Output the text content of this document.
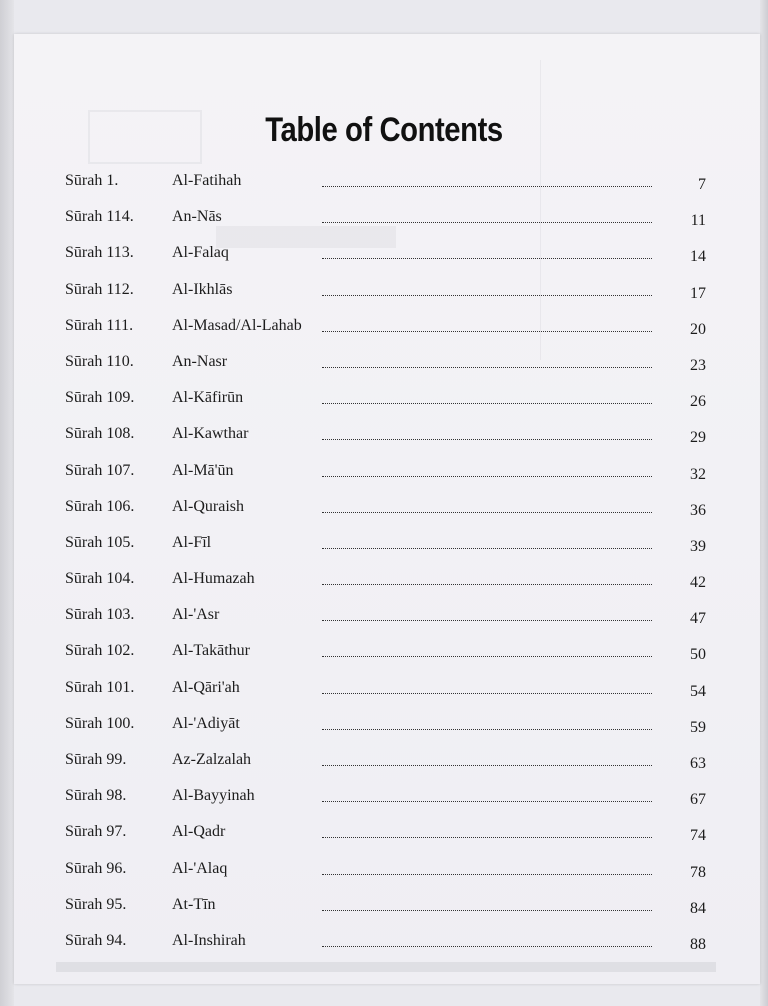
Table of Contents
Sūrah 1.	Al-Fatihah	7
Sūrah 114. An-Nās	11
Sūrah 113. Al-Falaq	14
Sūrah 112. Al-Ikhlās	17
Sūrah 111. Al-Masad/Al-Lahab	20
Sūrah 110. An-Nasr	23
Sūrah 109. Al-Kāfirūn	26
Sūrah 108. Al-Kawthar	29
Sūrah 107. Al-Mā'ūn	32
Sūrah 106. Al-Quraish	36
Sūrah 105. Al-Fīl	39
Sūrah 104. Al-Humazah	42
Sūrah 103. Al-'Asr	47
Sūrah 102. Al-Takāthur	50
Sūrah 101. Al-Qāri'ah	54
Sūrah 100. Al-'Adiyāt	59
Sūrah 99.	Az-Zalzalah	63
Sūrah 98.	Al-Bayyinah	67
Sūrah 97.	Al-Qadr	74
Sūrah 96.	Al-'Alaq	78
Sūrah 95.	At-Tīn	84
Sūrah 94.	Al-Inshirah	88
